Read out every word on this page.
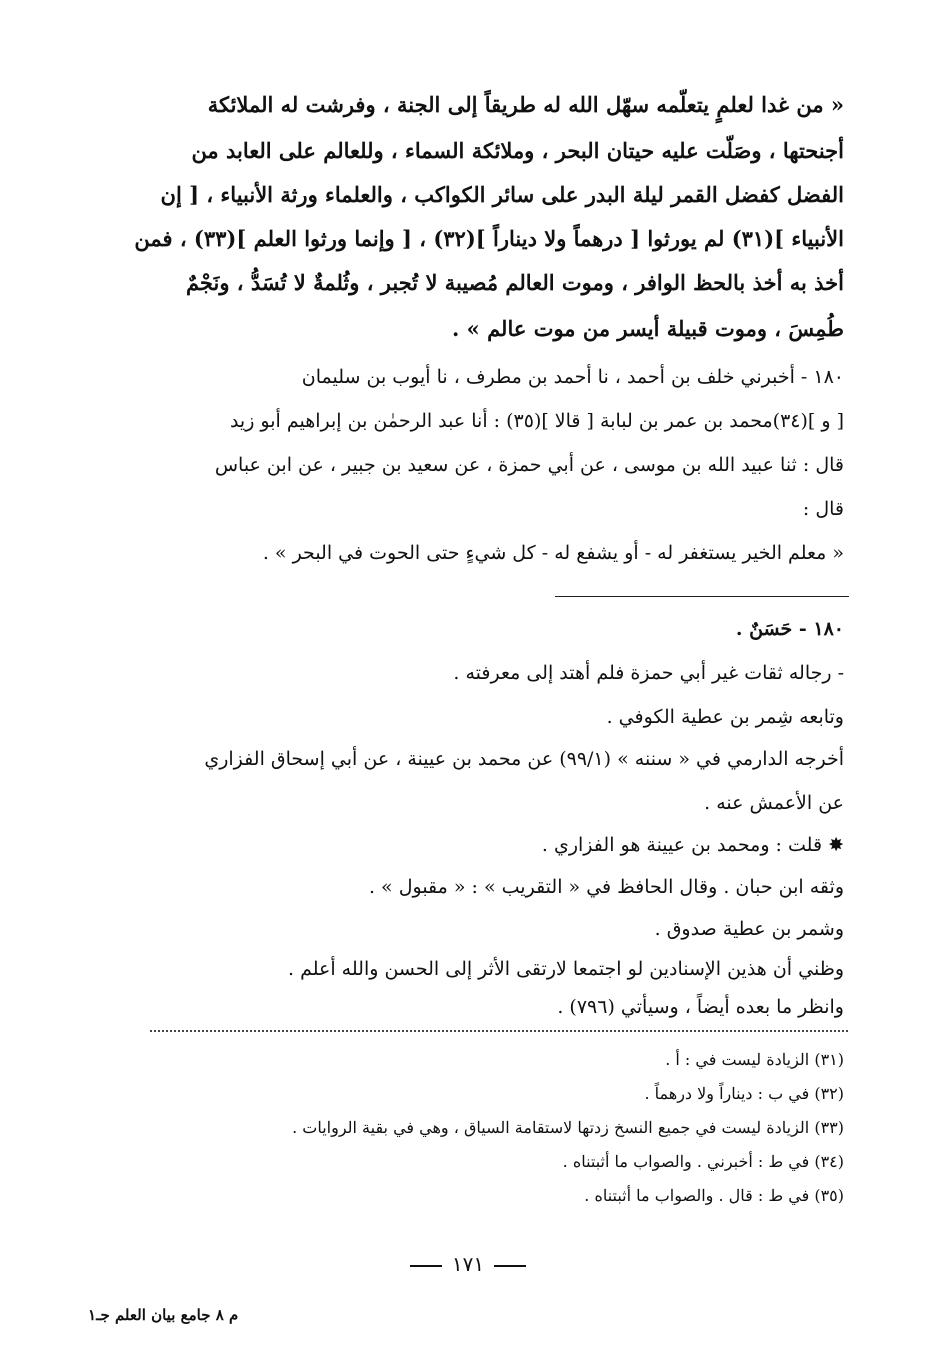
« من غدا لعلمٍ يتعلّمه سهّل الله له طريقاً إلى الجنة ، وفرشت له الملائكة
أجنحتها ، وصَلّت عليه حيتان البحر ، وملائكة السماء ، وللعالم على العابد من
الفضل كفضل القمر ليلة البدر على سائر الكواكب ، والعلماء ورثة الأنبياء ، [ إن
الأنبياء ](٣١) لم يورثوا [ درهماً ولا ديناراً ](٣٢) ، [ وإنما ورثوا العلم ](٣٣) ، فمن
أخذ به أخذ بالحظ الوافر ، وموت العالم مُصيبة لا تُجبر ، وثُلمةٌ لا تُسَدُّ ، ونَجْمٌ
طُمِسَ ، وموت قبيلة أيسر من موت عالم » .
١٨٠ - أخبرني خلف بن أحمد ، نا أحمد بن مطرف ، نا أيوب بن سليمان
[ و ](٣٤)محمد بن عمر بن لبابة [ قالا ](٣٥) : أنا عبد الرحمٰن بن إبراهيم أبو زيد
قال : ثنا عبيد الله بن موسى ، عن أبي حمزة ، عن سعيد بن جبير ، عن ابن عباس
قال :
« معلم الخير يستغفر له - أو يشفع له - كل شيءٍ حتى الحوت في البحر » .
١٨٠ - حَسَنٌ .
- رجاله ثقات غير أبي حمزة فلم أهتد إلى معرفته .
وتابعه شِمر بن عطية الكوفي .
أخرجه الدارمي في « سننه » (٩٩/١) عن محمد بن عيينة ، عن أبي إسحاق الفزاري
عن الأعمش عنه .
✸ قلت : ومحمد بن عيينة هو الفزاري .
وثقه ابن حبان . وقال الحافظ في « التقريب » : « مقبول » .
وشمر بن عطية صدوق .
وظني أن هذين الإسنادين لو اجتمعا لارتقى الأثر إلى الحسن والله أعلم .
وانظر ما بعده أيضاً ، وسيأتي (٧٩٦) .
(٣١) الزيادة ليست في : أ .
(٣٢) في ب : ديناراً ولا درهماً .
(٣٣) الزيادة ليست في جميع النسخ زدتها لاستقامة السياق ، وهي في بقية الروايات .
(٣٤) في ط : أخبرني . والصواب ما أثبتناه .
(٣٥) في ط : قال . والصواب ما أثبتناه .
١٧١
م ٨ جامع بيان العلم جـ١
